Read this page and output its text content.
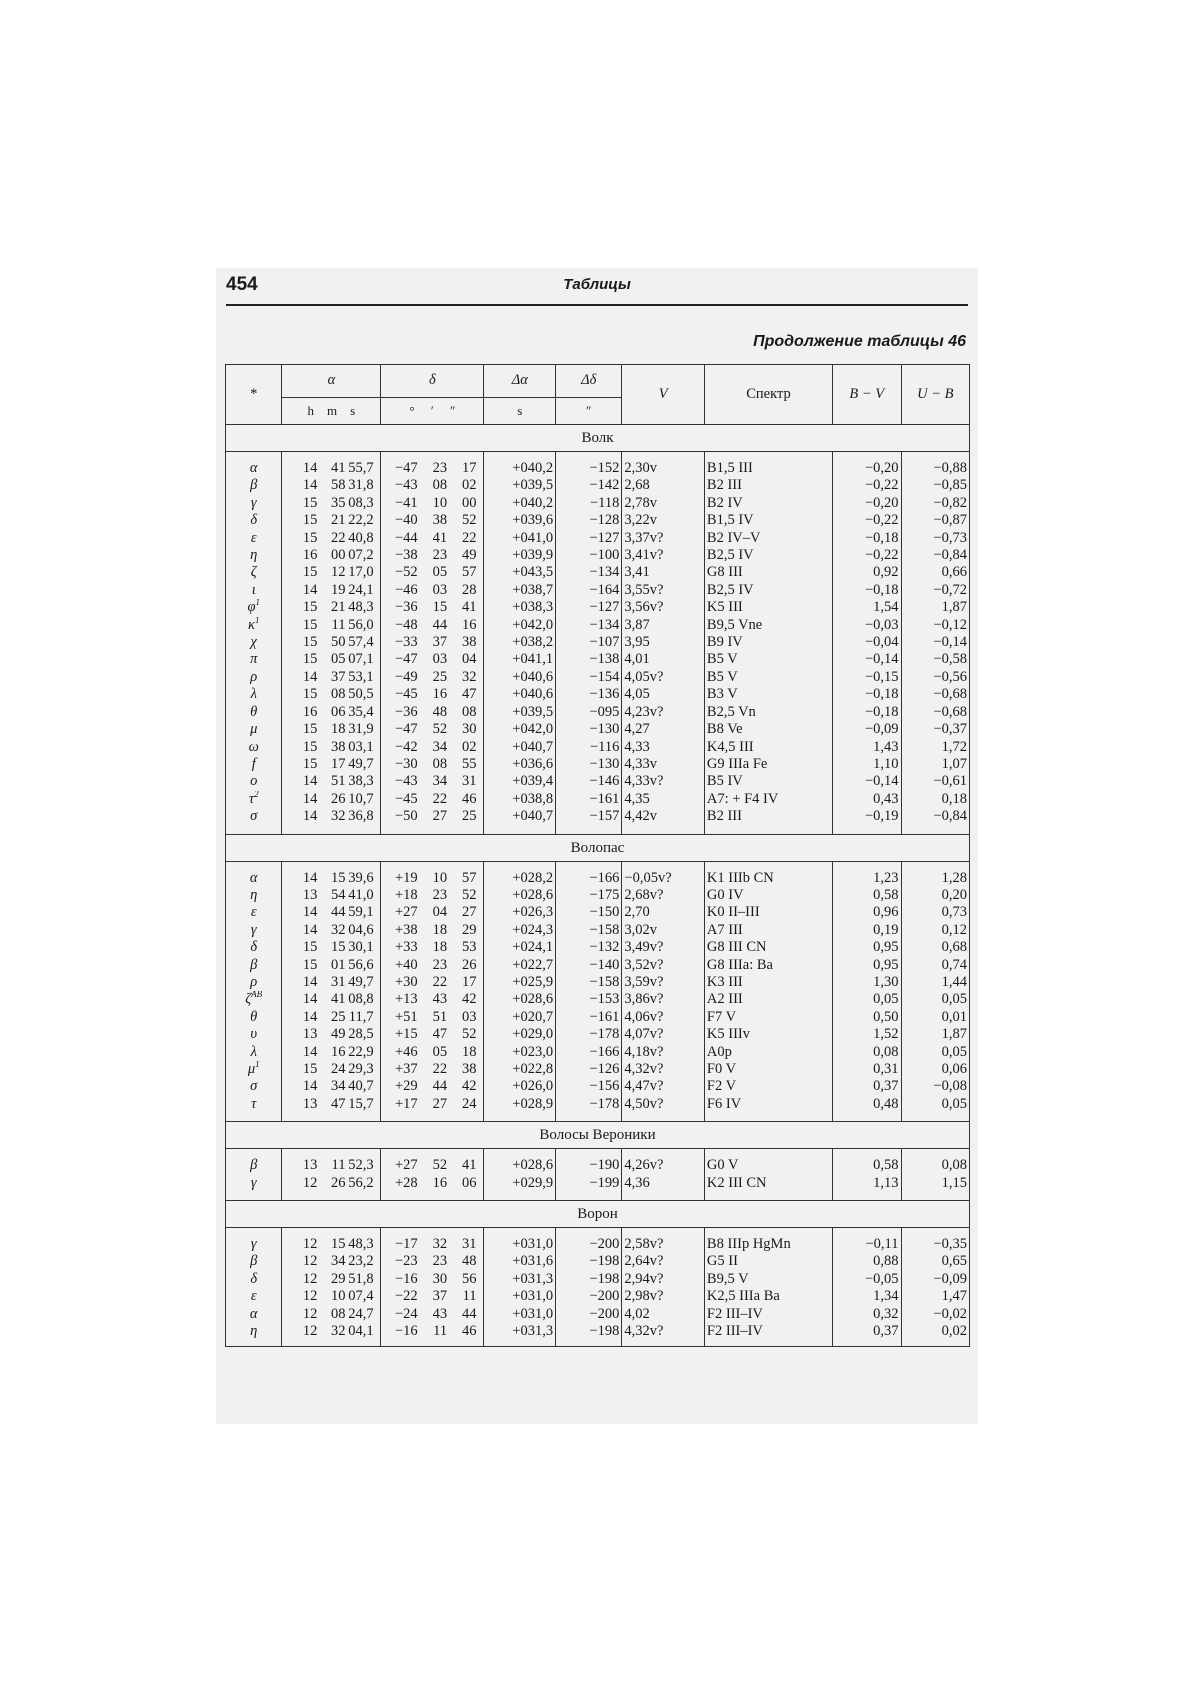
454	Таблицы
Продолжение таблицы 46
*	α	δ	Δα	Δδ	V	Спектр	B − V	U − B
	h m s	° ′ ″	s	″				
Волк								

α	14 41 55,7	−47 23 17	+040,2	−152	2,30v	B1,5 III	−0,20	−0,88
β	14 58 31,8	−43 08 02	+039,5	−142	2,68	B2 III	−0,22	−0,85
γ	15 35 08,3	−41 10 00	+040,2	−118	2,78v	B2 IV	−0,20	−0,82
δ	15 21 22,2	−40 38 52	+039,6	−128	3,22v	B1,5 IV	−0,22	−0,87
ε	15 22 40,8	−44 41 22	+041,0	−127	3,37v?	B2 IV–V	−0,18	−0,73
η	16 00 07,2	−38 23 49	+039,9	−100	3,41v?	B2,5 IV	−0,22	−0,84
ζ	15 12 17,0	−52 05 57	+043,5	−134	3,41	G8 III	0,92	0,66
ι	14 19 24,1	−46 03 28	+038,7	−164	3,55v?	B2,5 IV	−0,18	−0,72
$\varphi^1$	15 21 48,3	−36 15 41	+038,3	−127	3,56v?	K5 III	1,54	1,87
$\kappa^1$	15 11 56,0	−48 44 16	+042,0	−134	3,87	B9,5 Vne	−0,03	−0,12
χ	15 50 57,4	−33 37 38	+038,2	−107	3,95	B9 IV	−0,04	−0,14
π	15 05 07,1	−47 03 04	+041,1	−138	4,01	B5 V	−0,14	−0,58
ρ	14 37 53,1	−49 25 32	+040,6	−154	4,05v?	B5 V	−0,15	−0,56
λ	15 08 50,5	−45 16 47	+040,6	−136	4,05	B3 V	−0,18	−0,68
θ	16 06 35,4	−36 48 08	+039,5	−095	4,23v?	B2,5 Vn	−0,18	−0,68
μ	15 18 31,9	−47 52 30	+042,0	−130	4,27	B8 Ve	−0,09	−0,37
ω	15 38 03,1	−42 34 02	+040,7	−116	4,33	K4,5 III	1,43	1,72
f	15 17 49,7	−30 08 55	+036,6	−130	4,33v	G9 IIIa Fe	1,10	1,07
o	14 51 38,3	−43 34 31	+039,4	−146	4,33v?	B5 IV	−0,14	−0,61
$\tau^2$	14 26 10,7	−45 22 46	+038,8	−161	4,35	A7: + F4 IV	0,43	0,18
σ	14 32 36,8	−50 27 25	+040,7	−157	4,42v	B2 III	−0,19	−0,84

Волопас								

α	14 15 39,6	+19 10 57	+028,2	−166	−0,05v?	K1 IIIb CN	1,23	1,28
η	13 54 41,0	+18 23 52	+028,6	−175	2,68v?	G0 IV	0,58	0,20
ε	14 44 59,1	+27 04 27	+026,3	−150	2,70	K0 II–III	0,96	0,73
γ	14 32 04,6	+38 18 29	+024,3	−158	3,02v	A7 III	0,19	0,12
δ	15 15 30,1	+33 18 53	+024,1	−132	3,49v?	G8 III CN	0,95	0,68
β	15 01 56,6	+40 23 26	+022,7	−140	3,52v?	G8 IIIa: Ba	0,95	0,74
ρ	14 31 49,7	+30 22 17	+025,9	−158	3,59v?	K3 III	1,30	1,44
$\zeta^{AB}$	14 41 08,8	+13 43 42	+028,6	−153	3,86v?	A2 III	0,05	0,05
θ	14 25 11,7	+51 51 03	+020,7	−161	4,06v?	F7 V	0,50	0,01
υ	13 49 28,5	+15 47 52	+029,0	−178	4,07v?	K5 IIIv	1,52	1,87
λ	14 16 22,9	+46 05 18	+023,0	−166	4,18v?	A0p	0,08	0,05
$\mu^1$	15 24 29,3	+37 22 38	+022,8	−126	4,32v?	F0 V	0,31	0,06
σ	14 34 40,7	+29 44 42	+026,0	−156	4,47v?	F2 V	0,37	−0,08
τ	13 47 15,7	+17 27 24	+028,9	−178	4,50v?	F6 IV	0,48	0,05

Волосы Вероники								

β	13 11 52,3	+27 52 41	+028,6	−190	4,26v?	G0 V	0,58	0,08
γ	12 26 56,2	+28 16 06	+029,9	−199	4,36	K2 III CN	1,13	1,15

Ворон								

γ	12 15 48,3	−17 32 31	+031,0	−200	2,58v?	B8 IIIp HgMn	−0,11	−0,35
β	12 34 23,2	−23 23 48	+031,6	−198	2,64v?	G5 II	0,88	0,65
δ	12 29 51,8	−16 30 56	+031,3	−198	2,94v?	B9,5 V	−0,05	−0,09
ε	12 10 07,4	−22 37 11	+031,0	−200	2,98v?	K2,5 IIIa Ba	1,34	1,47
α	12 08 24,7	−24 43 44	+031,0	−200	4,02	F2 III–IV	0,32	−0,02
η	12 32 04,1	−16 11 46	+031,3	−198	4,32v?	F2 III–IV	0,37	0,02
